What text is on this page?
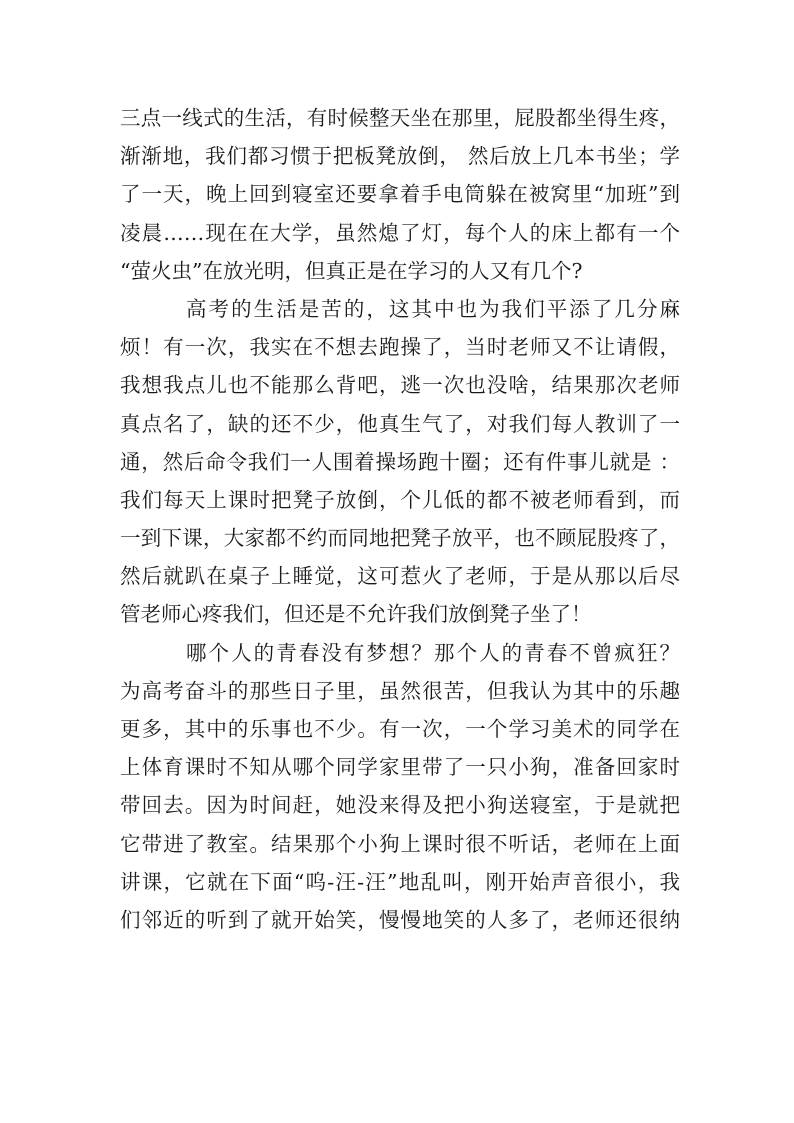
三点一线式的生活，有时候整天坐在那里，屁股都坐得生疼，
渐渐地，我们都习惯于把板凳放倒， 然后放上几本书坐；学
了一天，晚上回到寝室还要拿着手电筒躲在被窝里“加班”到
凌晨……现在在大学，虽然熄了灯，每个人的床上都有一个
“萤火虫”在放光明，但真正是在学习的人又有几个?
高考的生活是苦的，这其中也为我们平添了几分麻
烦！有一次，我实在不想去跑操了，当时老师又不让请假，
我想我点儿也不能那么背吧，逃一次也没啥，结果那次老师
真点名了，缺的还不少，他真生气了，对我们每人教训了一
通，然后命令我们一人围着操场跑十圈；还有件事儿就是 ：
我们每天上课时把凳子放倒，个儿低的都不被老师看到，而
一到下课，大家都不约而同地把凳子放平，也不顾屁股疼了，
然后就趴在桌子上睡觉，这可惹火了老师，于是从那以后尽
管老师心疼我们，但还是不允许我们放倒凳子坐了！
哪个人的青春没有梦想？那个人的青春不曾疯狂？
为高考奋斗的那些日子里，虽然很苦，但我认为其中的乐趣
更多，其中的乐事也不少。有一次，一个学习美术的同学在
上体育课时不知从哪个同学家里带了一只小狗，准备回家时
带回去。因为时间赶，她没来得及把小狗送寝室，于是就把
它带进了教室。结果那个小狗上课时很不听话，老师在上面
讲课，它就在下面“呜-汪-汪”地乱叫，刚开始声音很小，我
们邻近的听到了就开始笑，慢慢地笑的人多了，老师还很纳
